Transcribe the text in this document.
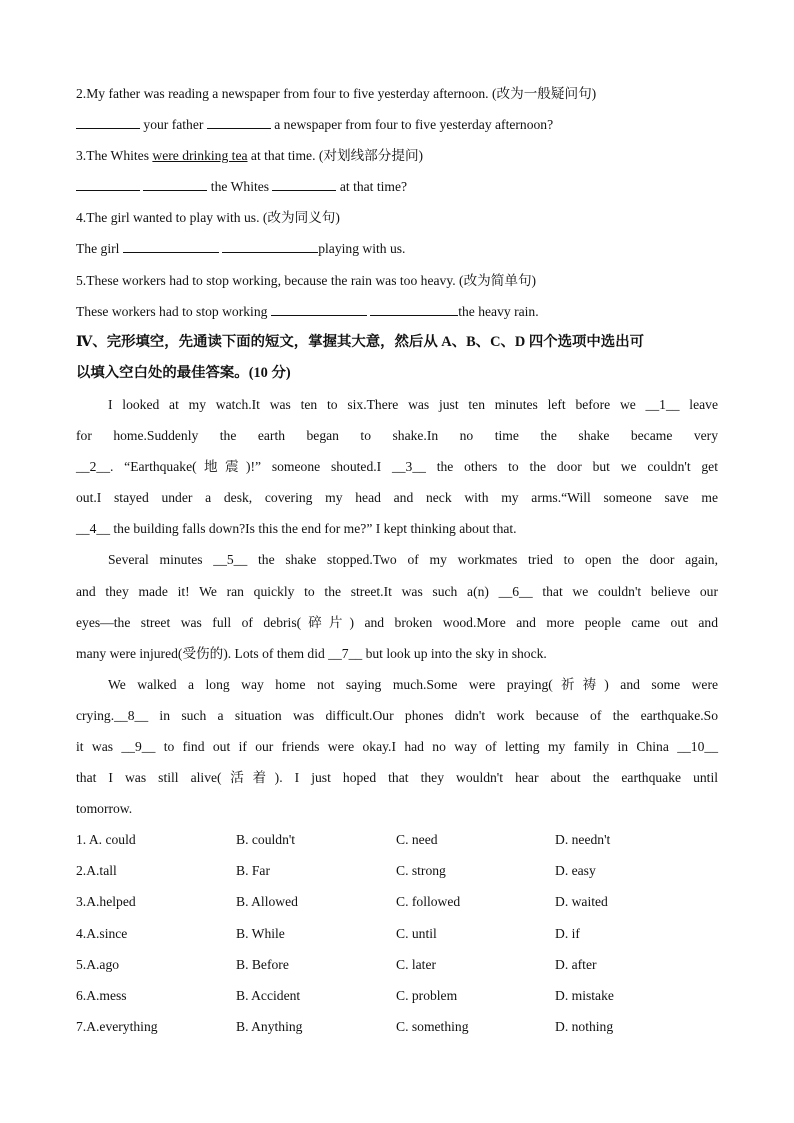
2.My father was reading a newspaper from four to five yesterday afternoon. (改为一般疑问句)
your father	a newspaper from four to five yesterday afternoon?
3.The Whites were drinking tea at that time. (对划线部分提问)
the Whites	at that time?
4.The girl wanted to play with us. (改为同义句)
The girl	playing with us.
5.These workers had to stop working, because the rain was too heavy. (改为简单句)
These workers had to stop working	the heavy rain.
Ⅳ、完形填空，先通读下面的短文，掌握其大意，然后从 A、B、C、D 四个选项中选出可
以填入空白处的最佳答案。(10 分)
I looked at my watch.It was ten to six.There was just ten minutes left before we __1__ leave
for home.Suddenly the earth began to shake.In no time the shake became very
__2__. “Earthquake(地震)!” someone shouted.I __3__ the others to the door but we couldn't get
out.I stayed under a desk, covering my head and neck with my arms.“Will someone save me
__4__ the building falls down?Is this the end for me?” I kept thinking about that.
Several minutes __5__ the shake stopped.Two of my workmates tried to open the door again,
and they made it! We ran quickly to the street.It was such a(n) __6__ that we couldn't believe our
eyes—the street was full of debris(碎片) and broken wood.More and more people came out and
many were injured(受伤的). Lots of them did __7__ but look up into the sky in shock.
We walked a long way home not saying much.Some were praying(祈祷) and some were
crying.__8__ in such a situation was difficult.Our phones didn't work because of the earthquake.So
it was __9__ to find out if our friends were okay.I had no way of letting my family in China __10__
that I was still alive(活着). I just hoped that they wouldn't hear about the earthquake until
tomorrow.
1. A. could	B. couldn't	C. need	D. needn't
2.A.tall	B. Far	C. strong	D. easy
3.A.helped	B. Allowed	C. followed	D. waited
4.A.since	B. While	C. until	D. if
5.A.ago	B. Before	C. later	D. after
6.A.mess	B. Accident	C. problem	D. mistake
7.A.everything	B. Anything	C. something	D. nothing
